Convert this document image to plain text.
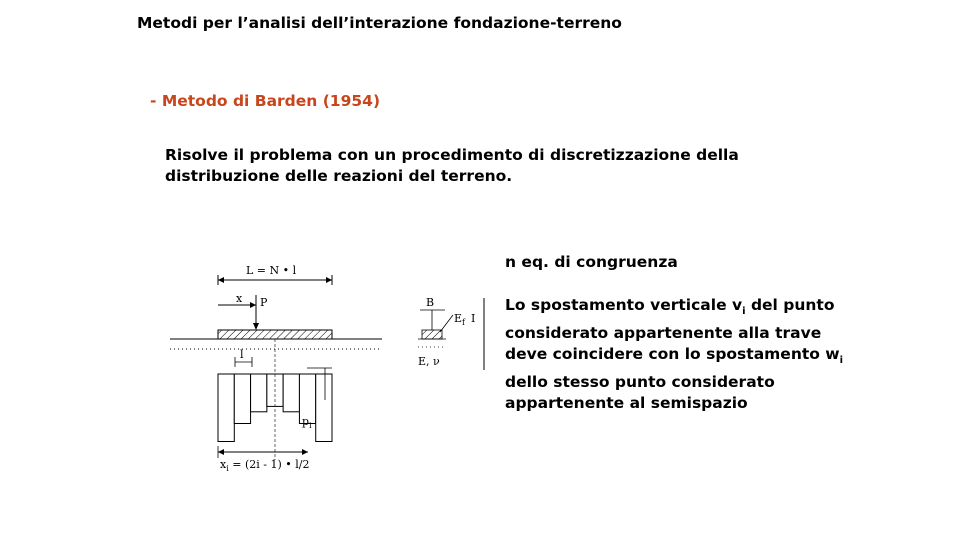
Metodi per l’analisi dell’interazione fondazione-terreno
- Metodo di Barden (1954)
Risolve il problema con un procedimento di discretizzazione della distribuzione delle reazioni del terreno.
L = N • l
x P
l
$p_i$
$x_i = (2i - 1)$ • l/2
B
$E_f$ I
E, ν
n eq. di congruenza
Lo spostamento verticale $v_i$ del punto considerato appartenente alla trave deve coincidere con lo spostamento $w_i$ dello stesso punto considerato appartenente al semispazio
